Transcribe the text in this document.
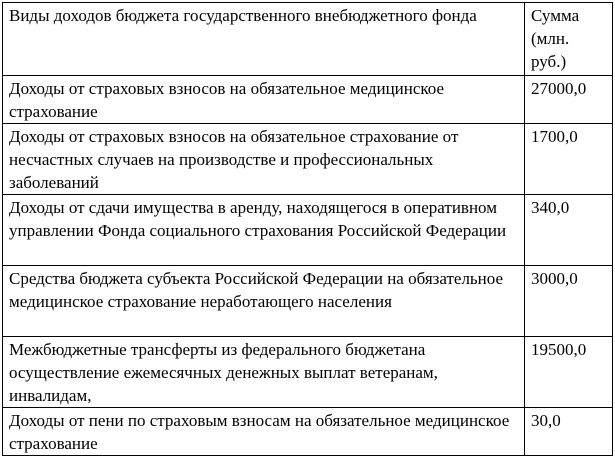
Виды доходов бюджета государственного внебюджетного фонда	Сумма (млн. руб.)
Доходы от страховых взносов на обязательное медицинское страхование	27000,0
Доходы от страховых взносов на обязательное страхование от несчастных случаев на производстве и профессиональных заболеваний	1700,0
Доходы от сдачи имущества в аренду, находящегося в оперативном управлении Фонда социального страхования Российской Федерации	340,0
Средства бюджета субъекта Российской Федерации на обязательное медицинское страхование неработающего населения	3000,0
Межбюджетные трансферты из федерального бюджетана осуществление ежемесячных денежных выплат ветеранам, инвалидам,	19500,0
Доходы от пени по страховым взносам на обязательное медицинское страхование	30,0
